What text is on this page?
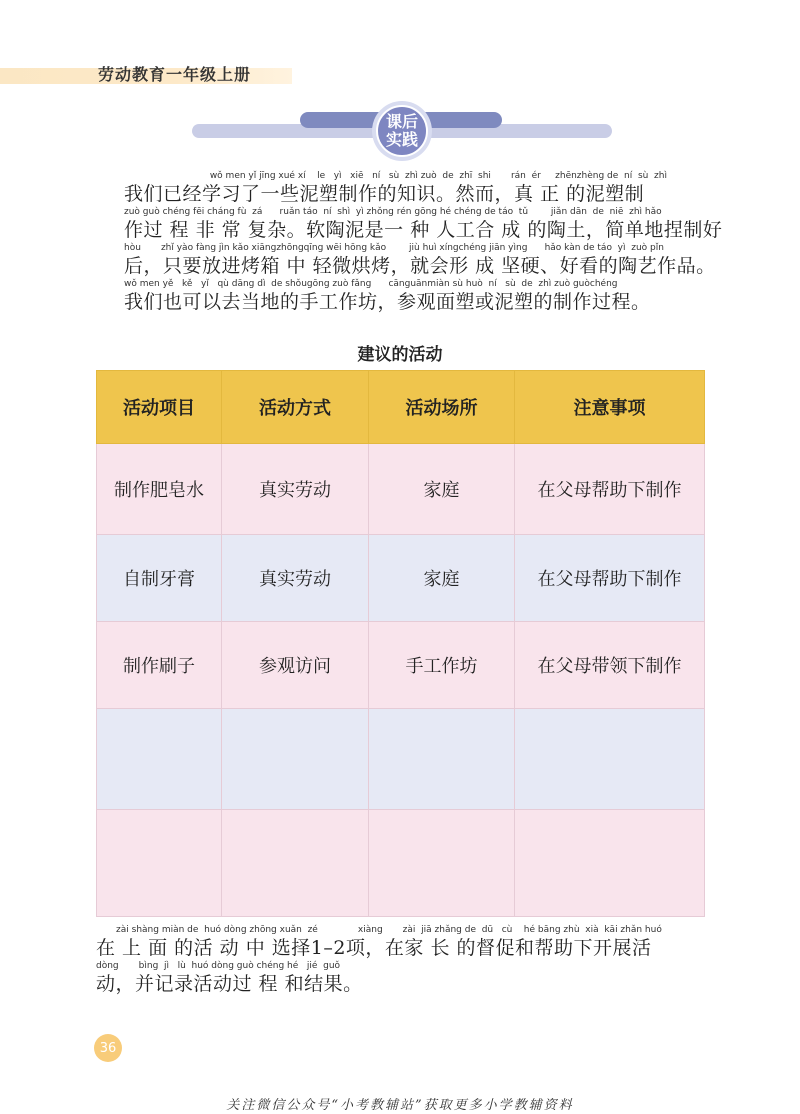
劳动教育一年级上册
课后
实践
wǒ men yǐ jīng xué xí    le   yì   xiē   ní   sù  zhì zuò  de  zhī  shi       rán  ér     zhēnzhèng de  ní  sù  zhì
我们已经学习了一些泥塑制作的知识。然而，真 正 的泥塑制
zuò guò chéng fēi cháng fù  zá      ruǎn táo  ní  shì  yì zhǒng rén gōng hé chéng de táo  tǔ        jiǎn dān  de  niē  zhì hǎo
作过 程 非 常 复杂。软陶泥是一 种 人工合 成 的陶土，简单地捏制好
hòu       zhǐ yào fàng jìn kǎo xiāngzhōngqīng wēi hōng kǎo        jiù huì xíngchéng jiān yìng      hǎo kàn de táo  yì  zuò pǐn
后，只要放进烤箱 中 轻微烘烤，就会形 成 坚硬、好看的陶艺作品。
wǒ men yě   kě   yǐ   qù dāng dì  de shǒugōng zuò fǎng      cānguānmiàn sù huò  ní   sù  de  zhì zuò guòchéng
我们也可以去当地的手工作坊，参观面塑或泥塑的制作过程。
建议的活动
活动项目	活动方式	活动场所	注意事项
制作肥皂水	真实劳动	家庭	在父母帮助下制作
自制牙膏	真实劳动	家庭	在父母帮助下制作
制作刷子	参观访问	手工作坊	在父母带领下制作

zài shàng miàn de  huó dòng zhōng xuǎn  zé              xiàng       zài  jiā zhǎng de  dū   cù    hé bāng zhù  xià  kāi zhǎn huó
在 上 面 的活 动 中 选择1–2项，在家 长 的督促和帮助下开展活
dòng       bìng  jì   lù  huó dòng guò chéng hé   jié  guǒ
动，并记录活动过 程 和结果。
36
关注微信公众号“小考教辅站”获取更多小学教辅资料
